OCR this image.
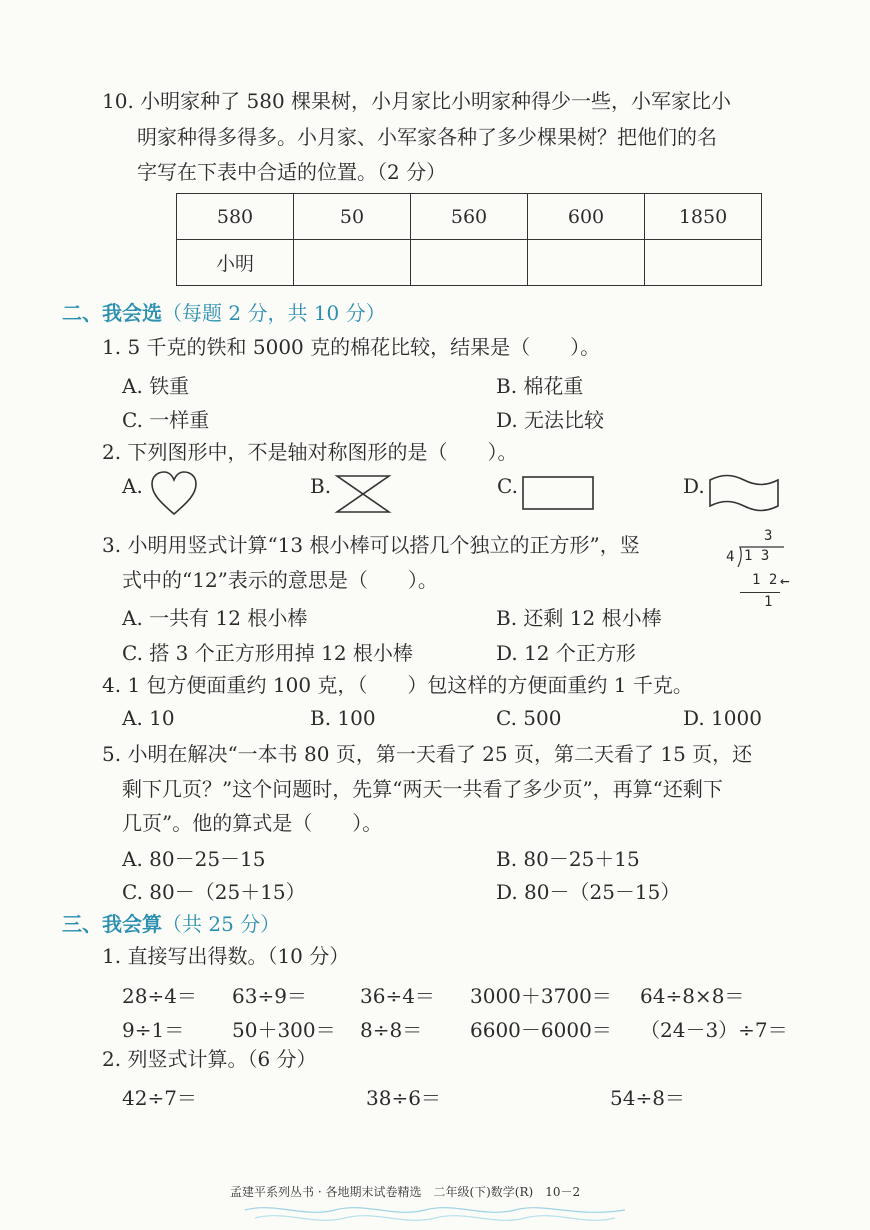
10. 小明家种了 580 棵果树，小月家比小明家种得少一些，小军家比小
明家种得多得多。小月家、小军家各种了多少棵果树？把他们的名
字写在下表中合适的位置。（2 分）
580	50	560	600	1850
小明				
二、我会选（每题 2 分，共 10 分）
1. 5 千克的铁和 5000 克的棉花比较，结果是（　　）。
A. 铁重	B. 棉花重
C. 一样重	D. 无法比较
2. 下列图形中，不是轴对称图形的是（　　）。
A.	B.	C.	D.
3. 小明用竖式计算“13 根小棒可以搭几个独立的正方形”，竖
式中的“12”表示的意思是（　　）。
3
4 1 3
1 2 ←
1
A. 一共有 12 根小棒	B. 还剩 12 根小棒
C. 搭 3 个正方形用掉 12 根小棒	D. 12 个正方形
4. 1 包方便面重约 100 克，（　　）包这样的方便面重约 1 千克。
A. 10	B. 100	C. 500	D. 1000
5. 小明在解决“一本书 80 页，第一天看了 25 页，第二天看了 15 页，还
剩下几页？”这个问题时，先算“两天一共看了多少页”，再算“还剩下
几页”。他的算式是（　　）。
A. 80－25－15	B. 80－25＋15
C. 80－（25＋15）	D. 80－（25－15）
三、我会算（共 25 分）
1. 直接写出得数。（10 分）
28÷4＝ 63÷9＝	36÷4＝ 3000＋3700＝ 64÷8×8＝
9÷1＝ 50＋300＝ 8÷8＝ 6600－6000＝ （24－3）÷7＝
2. 列竖式计算。（6 分）
42÷7＝	38÷6＝	54÷8＝
孟建平系列丛书 · 各地期末试卷精选　二年级(下)数学(R)　10－2
